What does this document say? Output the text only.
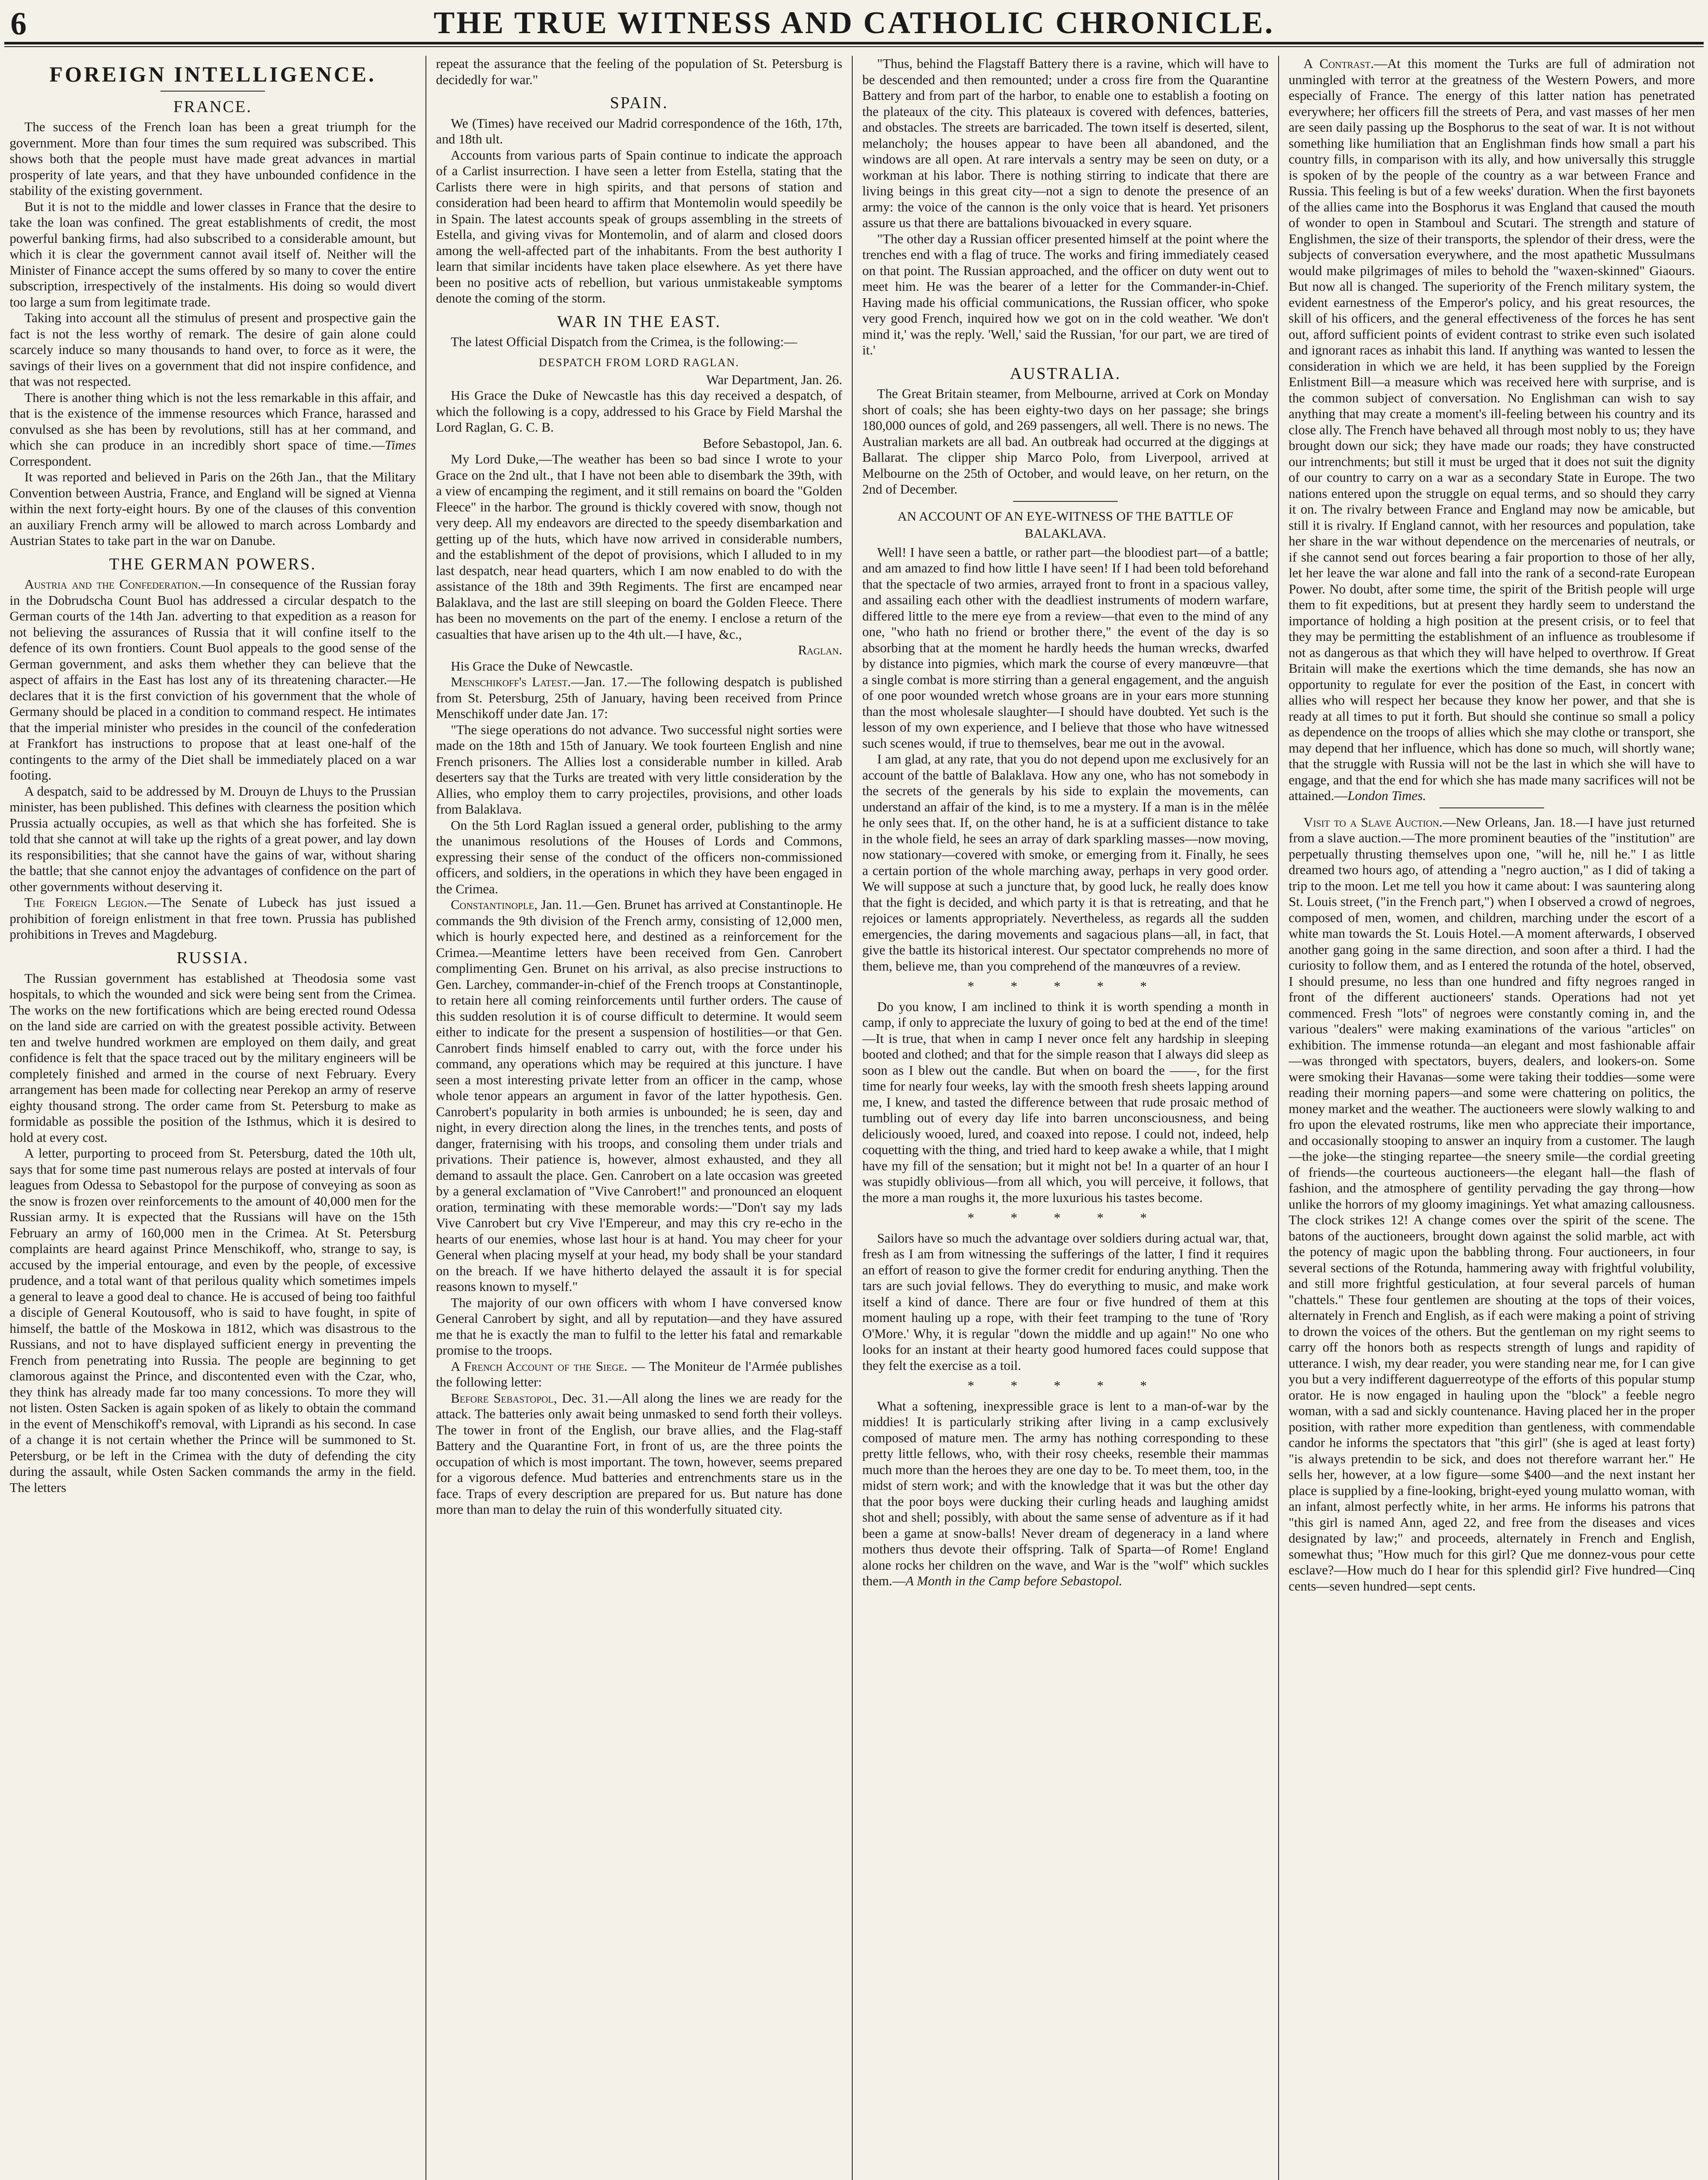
6	THE TRUE WITNESS AND CATHOLIC CHRONICLE.
FOREIGN INTELLIGENCE.
FRANCE.

The success of the French loan has been a great triumph for the government. More than four times the sum required was subscribed. This shows both that the people must have made great advances in martial prosperity of late years, and that they have unbounded confidence in the stability of the existing government.

But it is not to the middle and lower classes in France that the desire to take the loan was confined. The great establishments of credit, the most powerful banking firms, had also subscribed to a considerable amount, but which it is clear the government cannot avail itself of. Neither will the Minister of Finance accept the sums offered by so many to cover the entire subscription, irrespectively of the instalments. His doing so would divert too large a sum from legitimate trade.

Taking into account all the stimulus of present and prospective gain the fact is not the less worthy of remark. The desire of gain alone could scarcely induce so many thousands to hand over, to force as it were, the savings of their lives on a government that did not inspire confidence, and that was not respected.

There is another thing which is not the less remarkable in this affair, and that is the existence of the immense resources which France, harassed and convulsed as she has been by revolutions, still has at her command, and which she can produce in an incredibly short space of time.—Times Correspondent.

It was reported and believed in Paris on the 26th Jan., that the Military Convention between Austria, France, and England will be signed at Vienna within the next forty-eight hours. By one of the clauses of this convention an auxiliary French army will be allowed to march across Lombardy and Austrian States to take part in the war on Danube.

THE GERMAN POWERS.

Austria and the Confederation.—In consequence of the Russian foray in the Dobrudscha Count Buol has addressed a circular despatch to the German courts of the 14th Jan. adverting to that expedition as a reason for not believing the assurances of Russia that it will confine itself to the defence of its own frontiers. Count Buol appeals to the good sense of the German government, and asks them whether they can believe that the aspect of affairs in the East has lost any of its threatening character.—He declares that it is the first conviction of his government that the whole of Germany should be placed in a condition to command respect. He intimates that the imperial minister who presides in the council of the confederation at Frankfort has instructions to propose that at least one-half of the contingents to the army of the Diet shall be immediately placed on a war footing.

A despatch, said to be addressed by M. Drouyn de Lhuys to the Prussian minister, has been published. This defines with clearness the position which Prussia actually occupies, as well as that which she has forfeited. She is told that she cannot at will take up the rights of a great power, and lay down its responsibilities; that she cannot have the gains of war, without sharing the battle; that she cannot enjoy the advantages of confidence on the part of other governments without deserving it.

The Foreign Legion.—The Senate of Lubeck has just issued a prohibition of foreign enlistment in that free town. Prussia has published prohibitions in Treves and Magdeburg.

RUSSIA.

The Russian government has established at Theodosia some vast hospitals, to which the wounded and sick were being sent from the Crimea. The works on the new fortifications which are being erected round Odessa on the land side are carried on with the greatest possible activity. Between ten and twelve hundred workmen are employed on them daily, and great confidence is felt that the space traced out by the military engineers will be completely finished and armed in the course of next February. Every arrangement has been made for collecting near Perekop an army of reserve eighty thousand strong. The order came from St. Petersburg to make as formidable as possible the position of the Isthmus, which it is desired to hold at every cost.

A letter, purporting to proceed from St. Petersburg, dated the 10th ult, says that for some time past numerous relays are posted at intervals of four leagues from Odessa to Sebastopol for the purpose of conveying as soon as the snow is frozen over reinforcements to the amount of 40,000 men for the Russian army. It is expected that the Russians will have on the 15th February an army of 160,000 men in the Crimea. At St. Petersburg complaints are heard against Prince Menschikoff, who, strange to say, is accused by the imperial entourage, and even by the people, of excessive prudence, and a total want of that perilous quality which sometimes impels a general to leave a good deal to chance. He is accused of being too faithful a disciple of General Koutousoff, who is said to have fought, in spite of himself, the battle of the Moskowa in 1812, which was disastrous to the Russians, and not to have displayed sufficient energy in preventing the French from penetrating into Russia. The people are beginning to get clamorous against the Prince, and discontented even with the Czar, who, they think has already made far too many concessions. To more they will not listen. Osten Sacken is again spoken of as likely to obtain the command in the event of Menschikoff's removal, with Liprandi as his second. In case of a change it is not certain whether the Prince will be summoned to St. Petersburg, or be left in the Crimea with the duty of defending the city during the assault, while Osten Sacken commands the army in the field. The letters

repeat the assurance that the feeling of the population of St. Petersburg is decidedly for war."

SPAIN.

We (Times) have received our Madrid correspondence of the 16th, 17th, and 18th ult.

Accounts from various parts of Spain continue to indicate the approach of a Carlist insurrection. I have seen a letter from Estella, stating that the Carlists there were in high spirits, and that persons of station and consideration had been heard to affirm that Montemolin would speedily be in Spain. The latest accounts speak of groups assembling in the streets of Estella, and giving vivas for Montemolin, and of alarm and closed doors among the well-affected part of the inhabitants. From the best authority I learn that similar incidents have taken place elsewhere. As yet there have been no positive acts of rebellion, but various unmistakeable symptoms denote the coming of the storm.

WAR IN THE EAST.

The latest Official Dispatch from the Crimea, is the following:—

DESPATCH FROM LORD RAGLAN.

War Department, Jan. 26.

His Grace the Duke of Newcastle has this day received a despatch, of which the following is a copy, addressed to his Grace by Field Marshal the Lord Raglan, G. C. B.

Before Sebastopol, Jan. 6.

My Lord Duke,—The weather has been so bad since I wrote to your Grace on the 2nd ult., that I have not been able to disembark the 39th, with a view of encamping the regiment, and it still remains on board the "Golden Fleece" in the harbor. The ground is thickly covered with snow, though not very deep. All my endeavors are directed to the speedy disembarkation and getting up of the huts, which have now arrived in considerable numbers, and the establishment of the depot of provisions, which I alluded to in my last despatch, near head quarters, which I am now enabled to do with the assistance of the 18th and 39th Regiments. The first are encamped near Balaklava, and the last are still sleeping on board the Golden Fleece. There has been no movements on the part of the enemy. I enclose a return of the casualties that have arisen up to the 4th ult.—I have, &c.,

Raglan.

His Grace the Duke of Newcastle.

Menschikoff's Latest.—Jan. 17.—The following despatch is published from St. Petersburg, 25th of January, having been received from Prince Menschikoff under date Jan. 17:

"The siege operations do not advance. Two successful night sorties were made on the 18th and 15th of January. We took fourteen English and nine French prisoners. The Allies lost a considerable number in killed. Arab deserters say that the Turks are treated with very little consideration by the Allies, who employ them to carry projectiles, provisions, and other loads from Balaklava.

On the 5th Lord Raglan issued a general order, publishing to the army the unanimous resolutions of the Houses of Lords and Commons, expressing their sense of the conduct of the officers non-commissioned officers, and soldiers, in the operations in which they have been engaged in the Crimea.

Constantinople, Jan. 11.—Gen. Brunet has arrived at Constantinople. He commands the 9th division of the French army, consisting of 12,000 men, which is hourly expected here, and destined as a reinforcement for the Crimea.—Meantime letters have been received from Gen. Canrobert complimenting Gen. Brunet on his arrival, as also precise instructions to Gen. Larchey, commander-in-chief of the French troops at Constantinople, to retain here all coming reinforcements until further orders. The cause of this sudden resolution it is of course difficult to determine. It would seem either to indicate for the present a suspension of hostilities—or that Gen. Canrobert finds himself enabled to carry out, with the force under his command, any operations which may be required at this juncture. I have seen a most interesting private letter from an officer in the camp, whose whole tenor appears an argument in favor of the latter hypothesis. Gen. Canrobert's popularity in both armies is unbounded; he is seen, day and night, in every direction along the lines, in the trenches tents, and posts of danger, fraternising with his troops, and consoling them under trials and privations. Their patience is, however, almost exhausted, and they all demand to assault the place. Gen. Canrobert on a late occasion was greeted by a general exclamation of "Vive Canrobert!" and pronounced an eloquent oration, terminating with these memorable words:—"Don't say my lads Vive Canrobert but cry Vive l'Empereur, and may this cry re-echo in the hearts of our enemies, whose last hour is at hand. You may cheer for your General when placing myself at your head, my body shall be your standard on the breach. If we have hitherto delayed the assault it is for special reasons known to myself."

The majority of our own officers with whom I have conversed know General Canrobert by sight, and all by reputation—and they have assured me that he is exactly the man to fulfil to the letter his fatal and remarkable promise to the troops.

A French Account of the Siege. — The Moniteur de l'Armée publishes the following letter:

Before Sebastopol, Dec. 31.—All along the lines we are ready for the attack. The batteries only await being unmasked to send forth their volleys. The tower in front of the English, our brave allies, and the Flag-staff Battery and the Quarantine Fort, in front of us, are the three points the occupation of which is most important. The town, however, seems prepared for a vigorous defence. Mud batteries and entrenchments stare us in the face. Traps of every description are prepared for us. But nature has done more than man to delay the ruin of this wonderfully situated city.

"Thus, behind the Flagstaff Battery there is a ravine, which will have to be descended and then remounted; under a cross fire from the Quarantine Battery and from part of the harbor, to enable one to establish a footing on the plateaux of the city. This plateaux is covered with defences, batteries, and obstacles. The streets are barricaded. The town itself is deserted, silent, melancholy; the houses appear to have been all abandoned, and the windows are all open. At rare intervals a sentry may be seen on duty, or a workman at his labor. There is nothing stirring to indicate that there are living beings in this great city—not a sign to denote the presence of an army: the voice of the cannon is the only voice that is heard. Yet prisoners assure us that there are battalions bivouacked in every square.

"The other day a Russian officer presented himself at the point where the trenches end with a flag of truce. The works and firing immediately ceased on that point. The Russian approached, and the officer on duty went out to meet him. He was the bearer of a letter for the Commander-in-Chief. Having made his official communications, the Russian officer, who spoke very good French, inquired how we got on in the cold weather. 'We don't mind it,' was the reply. 'Well,' said the Russian, 'for our part, we are tired of it.'

AUSTRALIA.

The Great Britain steamer, from Melbourne, arrived at Cork on Monday short of coals; she has been eighty-two days on her passage; she brings 180,000 ounces of gold, and 269 passengers, all well. There is no news. The Australian markets are all bad. An outbreak had occurred at the diggings at Ballarat. The clipper ship Marco Polo, from Liverpool, arrived at Melbourne on the 25th of October, and would leave, on her return, on the 2nd of December.

AN ACCOUNT OF AN EYE-WITNESS OF THE BATTLE OF BALAKLAVA.

Well! I have seen a battle, or rather part—the bloodiest part—of a battle; and am amazed to find how little I have seen! If I had been told beforehand that the spectacle of two armies, arrayed front to front in a spacious valley, and assailing each other with the deadliest instruments of modern warfare, differed little to the mere eye from a review—that even to the mind of any one, "who hath no friend or brother there," the event of the day is so absorbing that at the moment he hardly heeds the human wrecks, dwarfed by distance into pigmies, which mark the course of every manœuvre—that a single combat is more stirring than a general engagement, and the anguish of one poor wounded wretch whose groans are in your ears more stunning than the most wholesale slaughter—I should have doubted. Yet such is the lesson of my own experience, and I believe that those who have witnessed such scenes would, if true to themselves, bear me out in the avowal.

I am glad, at any rate, that you do not depend upon me exclusively for an account of the battle of Balaklava. How any one, who has not somebody in the secrets of the generals by his side to explain the movements, can understand an affair of the kind, is to me a mystery. If a man is in the mêlée he only sees that. If, on the other hand, he is at a sufficient distance to take in the whole field, he sees an array of dark sparkling masses—now moving, now stationary—covered with smoke, or emerging from it. Finally, he sees a certain portion of the whole marching away, perhaps in very good order. We will suppose at such a juncture that, by good luck, he really does know that the fight is decided, and which party it is that is retreating, and that he rejoices or laments appropriately. Nevertheless, as regards all the sudden emergencies, the daring movements and sagacious plans—all, in fact, that give the battle its historical interest. Our spectator comprehends no more of them, believe me, than you comprehend of the manœuvres of a review.

* * * * *

Do you know, I am inclined to think it is worth spending a month in camp, if only to appreciate the luxury of going to bed at the end of the time!—It is true, that when in camp I never once felt any hardship in sleeping booted and clothed; and that for the simple reason that I always did sleep as soon as I blew out the candle. But when on board the ——, for the first time for nearly four weeks, lay with the smooth fresh sheets lapping around me, I knew, and tasted the difference between that rude prosaic method of tumbling out of every day life into barren unconsciousness, and being deliciously wooed, lured, and coaxed into repose. I could not, indeed, help coquetting with the thing, and tried hard to keep awake a while, that I might have my fill of the sensation; but it might not be! In a quarter of an hour I was stupidly oblivious—from all which, you will perceive, it follows, that the more a man roughs it, the more luxurious his tastes become.

* * * * *

Sailors have so much the advantage over soldiers during actual war, that, fresh as I am from witnessing the sufferings of the latter, I find it requires an effort of reason to give the former credit for enduring anything. Then the tars are such jovial fellows. They do everything to music, and make work itself a kind of dance. There are four or five hundred of them at this moment hauling up a rope, with their feet tramping to the tune of 'Rory O'More.' Why, it is regular "down the middle and up again!" No one who looks for an instant at their hearty good humored faces could suppose that they felt the exercise as a toil.

* * * * *

What a softening, inexpressible grace is lent to a man-of-war by the middies! It is particularly striking after living in a camp exclusively composed of mature men. The army has nothing corresponding to these pretty little fellows, who, with their rosy cheeks, resemble their mammas much more than the heroes they are one day to be. To meet them, too, in the midst of stern work; and with the knowledge that it was but the other day that the poor boys were ducking their curling heads and laughing amidst shot and shell; possibly, with about the same sense of adventure as if it had been a game at snow-balls! Never dream of degeneracy in a land where mothers thus devote their offspring. Talk of Sparta—of Rome! England alone rocks her children on the wave, and War is the "wolf" which suckles them.—A Month in the Camp before Sebastopol.

A Contrast.—At this moment the Turks are full of admiration not unmingled with terror at the greatness of the Western Powers, and more especially of France. The energy of this latter nation has penetrated everywhere; her officers fill the streets of Pera, and vast masses of her men are seen daily passing up the Bosphorus to the seat of war. It is not without something like humiliation that an Englishman finds how small a part his country fills, in comparison with its ally, and how universally this struggle is spoken of by the people of the country as a war between France and Russia. This feeling is but of a few weeks' duration. When the first bayonets of the allies came into the Bosphorus it was England that caused the mouth of wonder to open in Stamboul and Scutari. The strength and stature of Englishmen, the size of their transports, the splendor of their dress, were the subjects of conversation everywhere, and the most apathetic Mussulmans would make pilgrimages of miles to behold the "waxen-skinned" Giaours. But now all is changed. The superiority of the French military system, the evident earnestness of the Emperor's policy, and his great resources, the skill of his officers, and the general effectiveness of the forces he has sent out, afford sufficient points of evident contrast to strike even such isolated and ignorant races as inhabit this land. If anything was wanted to lessen the consideration in which we are held, it has been supplied by the Foreign Enlistment Bill—a measure which was received here with surprise, and is the common subject of conversation. No Englishman can wish to say anything that may create a moment's ill-feeling between his country and its close ally. The French have behaved all through most nobly to us; they have brought down our sick; they have made our roads; they have constructed our intrenchments; but still it must be urged that it does not suit the dignity of our country to carry on a war as a secondary State in Europe. The two nations entered upon the struggle on equal terms, and so should they carry it on. The rivalry between France and England may now be amicable, but still it is rivalry. If England cannot, with her resources and population, take her share in the war without dependence on the mercenaries of neutrals, or if she cannot send out forces bearing a fair proportion to those of her ally, let her leave the war alone and fall into the rank of a second-rate European Power. No doubt, after some time, the spirit of the British people will urge them to fit expeditions, but at present they hardly seem to understand the importance of holding a high position at the present crisis, or to feel that they may be permitting the establishment of an influence as troublesome if not as dangerous as that which they will have helped to overthrow. If Great Britain will make the exertions which the time demands, she has now an opportunity to regulate for ever the position of the East, in concert with allies who will respect her because they know her power, and that she is ready at all times to put it forth. But should she continue so small a policy as dependence on the troops of allies which she may clothe or transport, she may depend that her influence, which has done so much, will shortly wane; that the struggle with Russia will not be the last in which she will have to engage, and that the end for which she has made many sacrifices will not be attained.—London Times.

Visit to a Slave Auction.—New Orleans, Jan. 18.—I have just returned from a slave auction.—The more prominent beauties of the "institution" are perpetually thrusting themselves upon one, "will he, nill he." I as little dreamed two hours ago, of attending a "negro auction," as I did of taking a trip to the moon. Let me tell you how it came about: I was sauntering along St. Louis street, ("in the French part,") when I observed a crowd of negroes, composed of men, women, and children, marching under the escort of a white man towards the St. Louis Hotel.—A moment afterwards, I observed another gang going in the same direction, and soon after a third. I had the curiosity to follow them, and as I entered the rotunda of the hotel, observed, I should presume, no less than one hundred and fifty negroes ranged in front of the different auctioneers' stands. Operations had not yet commenced. Fresh "lots" of negroes were constantly coming in, and the various "dealers" were making examinations of the various "articles" on exhibition. The immense rotunda—an elegant and most fashionable affair—was thronged with spectators, buyers, dealers, and lookers-on. Some were smoking their Havanas—some were taking their toddies—some were reading their morning papers—and some were chattering on politics, the money market and the weather. The auctioneers were slowly walking to and fro upon the elevated rostrums, like men who appreciate their importance, and occasionally stooping to answer an inquiry from a customer. The laugh—the joke—the stinging repartee—the sneery smile—the cordial greeting of friends—the courteous auctioneers—the elegant hall—the flash of fashion, and the atmosphere of gentility pervading the gay throng—how unlike the horrors of my gloomy imaginings. Yet what amazing callousness. The clock strikes 12! A change comes over the spirit of the scene. The batons of the auctioneers, brought down against the solid marble, act with the potency of magic upon the babbling throng. Four auctioneers, in four several sections of the Rotunda, hammering away with frightful volubility, and still more frightful gesticulation, at four several parcels of human "chattels." These four gentlemen are shouting at the tops of their voices, alternately in French and English, as if each were making a point of striving to drown the voices of the others. But the gentleman on my right seems to carry off the honors both as respects strength of lungs and rapidity of utterance. I wish, my dear reader, you were standing near me, for I can give you but a very indifferent daguerreotype of the efforts of this popular stump orator. He is now engaged in hauling upon the "block" a feeble negro woman, with a sad and sickly countenance. Having placed her in the proper position, with rather more expedition than gentleness, with commendable candor he informs the spectators that "this girl" (she is aged at least forty) "is always pretendin to be sick, and does not therefore warrant her." He sells her, however, at a low figure—some $400—and the next instant her place is supplied by a fine-looking, bright-eyed young mulatto woman, with an infant, almost perfectly white, in her arms. He informs his patrons that "this girl is named Ann, aged 22, and free from the diseases and vices designated by law;" and proceeds, alternately in French and English, somewhat thus; "How much for this girl? Que me donnez-vous pour cette esclave?—How much do I hear for this splendid girl? Five hundred—Cinq cents—seven hundred—sept cents.
